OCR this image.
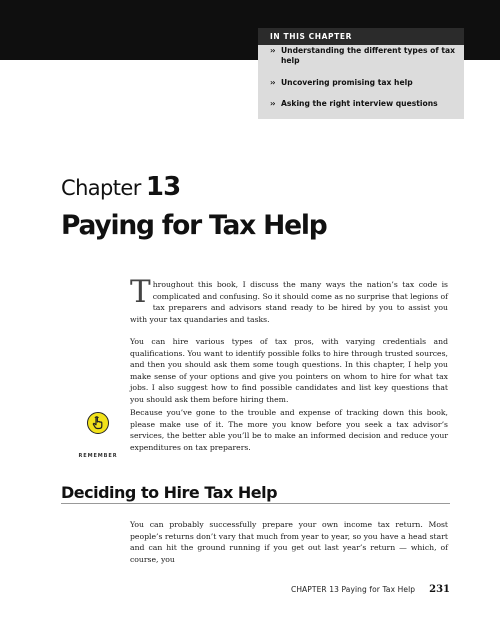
IN THIS CHAPTER
›› Understanding the different types of tax help
›› Uncovering promising tax help
›› Asking the right interview questions
Chapter 13
Paying for Tax Help
Throughout this book, I discuss the many ways the nation’s tax code is complicated and confusing. So it should come as no surprise that legions of tax preparers and advisors stand ready to be hired by you to assist you with your tax quandaries and tasks.
You can hire various types of tax pros, with varying credentials and qualifications. You want to identify possible folks to hire through trusted sources, and then you should ask them some tough questions. In this chapter, I help you make sense of your options and give you pointers on whom to hire for what tax jobs. I also suggest how to find possible candidates and list key questions that you should ask them before hiring them.
REMEMBER
Because you’ve gone to the trouble and expense of tracking down this book, please make use of it. The more you know before you seek a tax advisor’s services, the better able you’ll be to make an informed decision and reduce your expenditures on tax preparers.
Deciding to Hire Tax Help
You can probably successfully prepare your own income tax return. Most people’s returns don’t vary that much from year to year, so you have a head start and can hit the ground running if you get out last year’s return — which, of course, you
CHAPTER 13 Paying for Tax Help 231
